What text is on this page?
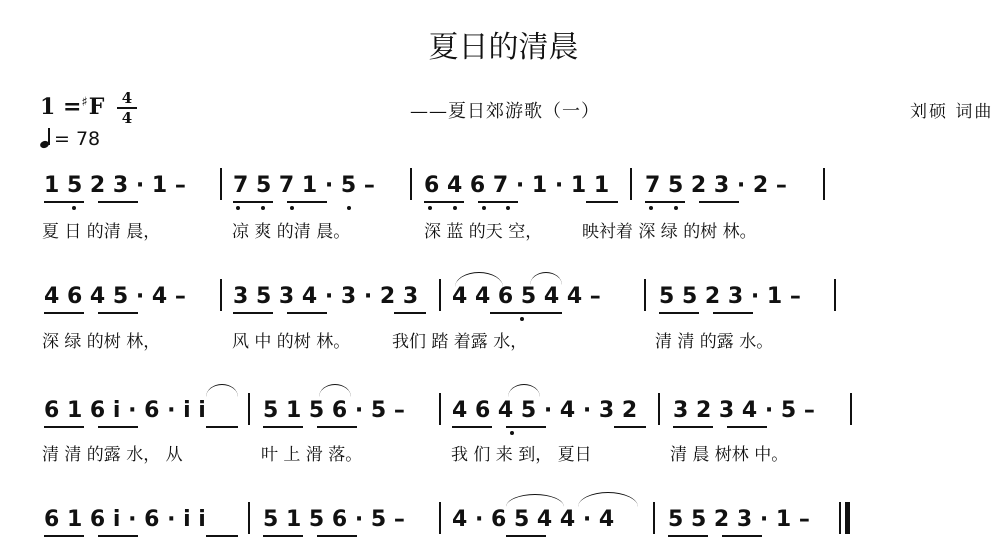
夏日的清晨
1 =♯F	4
4
= 78
——夏日郊游歌（一）	刘硕 词曲
1 5 2 3 · 1 – 7 5 7 1 · 5 – 6 4 6 7 · 1 · 1 1 7 5 2 3 · 2 –
夏 日 的清 晨，	凉 爽 的清 晨。	深 蓝 的天 空， 映衬着 深 绿 的树 林。
4 6 4 5 · 4 – 3 5 3 4 · 3 · 2 3 4 4 6 5 4 4 –	5 5 2 3 · 1 –
深 绿 的树 林，	风 中 的树 林。 我们 踏 着露 水，	清 清 的露 水。
6 1 6 i · 6 · i i	5 1 5 6 · 5 – 4 6 4 5 · 4 · 3 2 3 2 3 4 · 5 –
清 清 的露 水， 从	叶 上 滑 落。	我 们 来 到， 夏日	清 晨 树林 中。
6 1 6 i · 6 · i i	5 1 5 6 · 5 – 4 · 6 5 4 4 · 4 5 5 2 3 · 1 –
